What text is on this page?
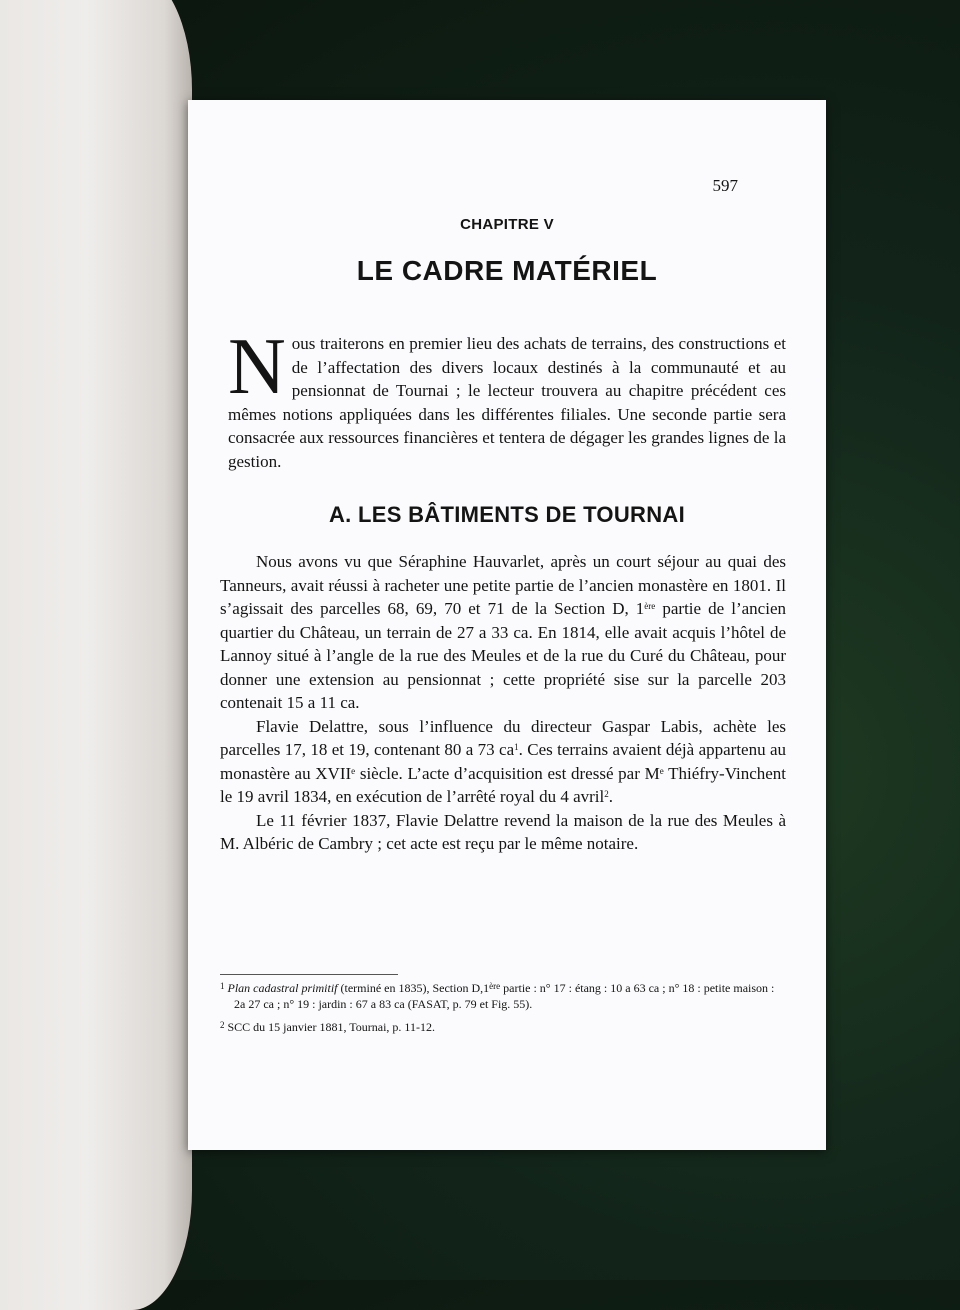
597
CHAPITRE V
LE CADRE MATÉRIEL
Nous traiterons en premier lieu des achats de terrains, des constructions et de l’affectation des divers locaux destinés à la communauté et au pensionnat de Tournai ; le lecteur trouvera au chapitre précédent ces mêmes notions appliquées dans les différentes filiales. Une seconde partie sera consacrée aux ressources financières et tentera de dégager les grandes lignes de la gestion.
A. LES BÂTIMENTS DE TOURNAI

Nous avons vu que Séraphine Hauvarlet, après un court séjour au quai des Tanneurs, avait réussi à racheter une petite partie de l’ancien monastère en 1801. Il s’agissait des parcelles 68, 69, 70 et 71 de la Section D, 1ère partie de l’ancien quartier du Château, un terrain de 27 a 33 ca. En 1814, elle avait acquis l’hôtel de Lannoy situé à l’angle de la rue des Meules et de la rue du Curé du Château, pour donner une extension au pensionnat ; cette propriété sise sur la parcelle 203 contenait 15 a 11 ca.

Flavie Delattre, sous l’influence du directeur Gaspar Labis, achète les parcelles 17, 18 et 19, contenant 80 a 73 $ca^1$. Ces terrains avaient déjà appartenu au monastère au XVIIe siècle. L’acte d’acquisition est dressé par Me Thiéfry-Vinchent le 19 avril 1834, en exécution de l’arrêté royal du 4 avril$^2$.

Le 11 février 1837, Flavie Delattre revend la maison de la rue des Meules à M. Albéric de Cambry ; cet acte est reçu par le même notaire.

$^1$ Plan cadastral primitif (terminé en 1835), Section D,1ère partie : n° 17 : étang : 10 a 63 ca ; n° 18 : petite maison : 2a 27 ca ; n° 19 : jardin : 67 a 83 ca (FASAT, p. 79 et Fig. 55).
$^2$ SCC du 15 janvier 1881, Tournai, p. 11-12.
